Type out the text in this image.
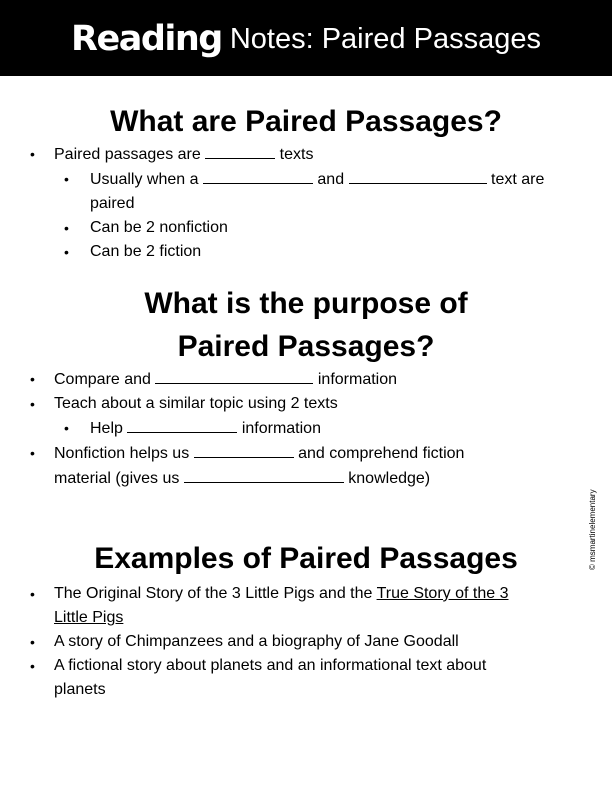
Reading Notes: Paired Passages
What are Paired Passages?
• Paired passages are	texts
• Usually when a	and	text are
paired
• Can be 2 nonfiction
• Can be 2 fiction
What is the purpose of
Paired Passages?
• Compare and	information
• Teach about a similar topic using 2 texts
• Help	information
• Nonfiction helps us	and comprehend fiction
material (gives us	knowledge)
Examples of Paired Passages
• The Original Story of the 3 Little Pigs and the True Story of the 3
Little Pigs
• A story of Chimpanzees and a biography of Jane Goodall
• A fictional story about planets and an informational text about
planets
© msmartinelementary
